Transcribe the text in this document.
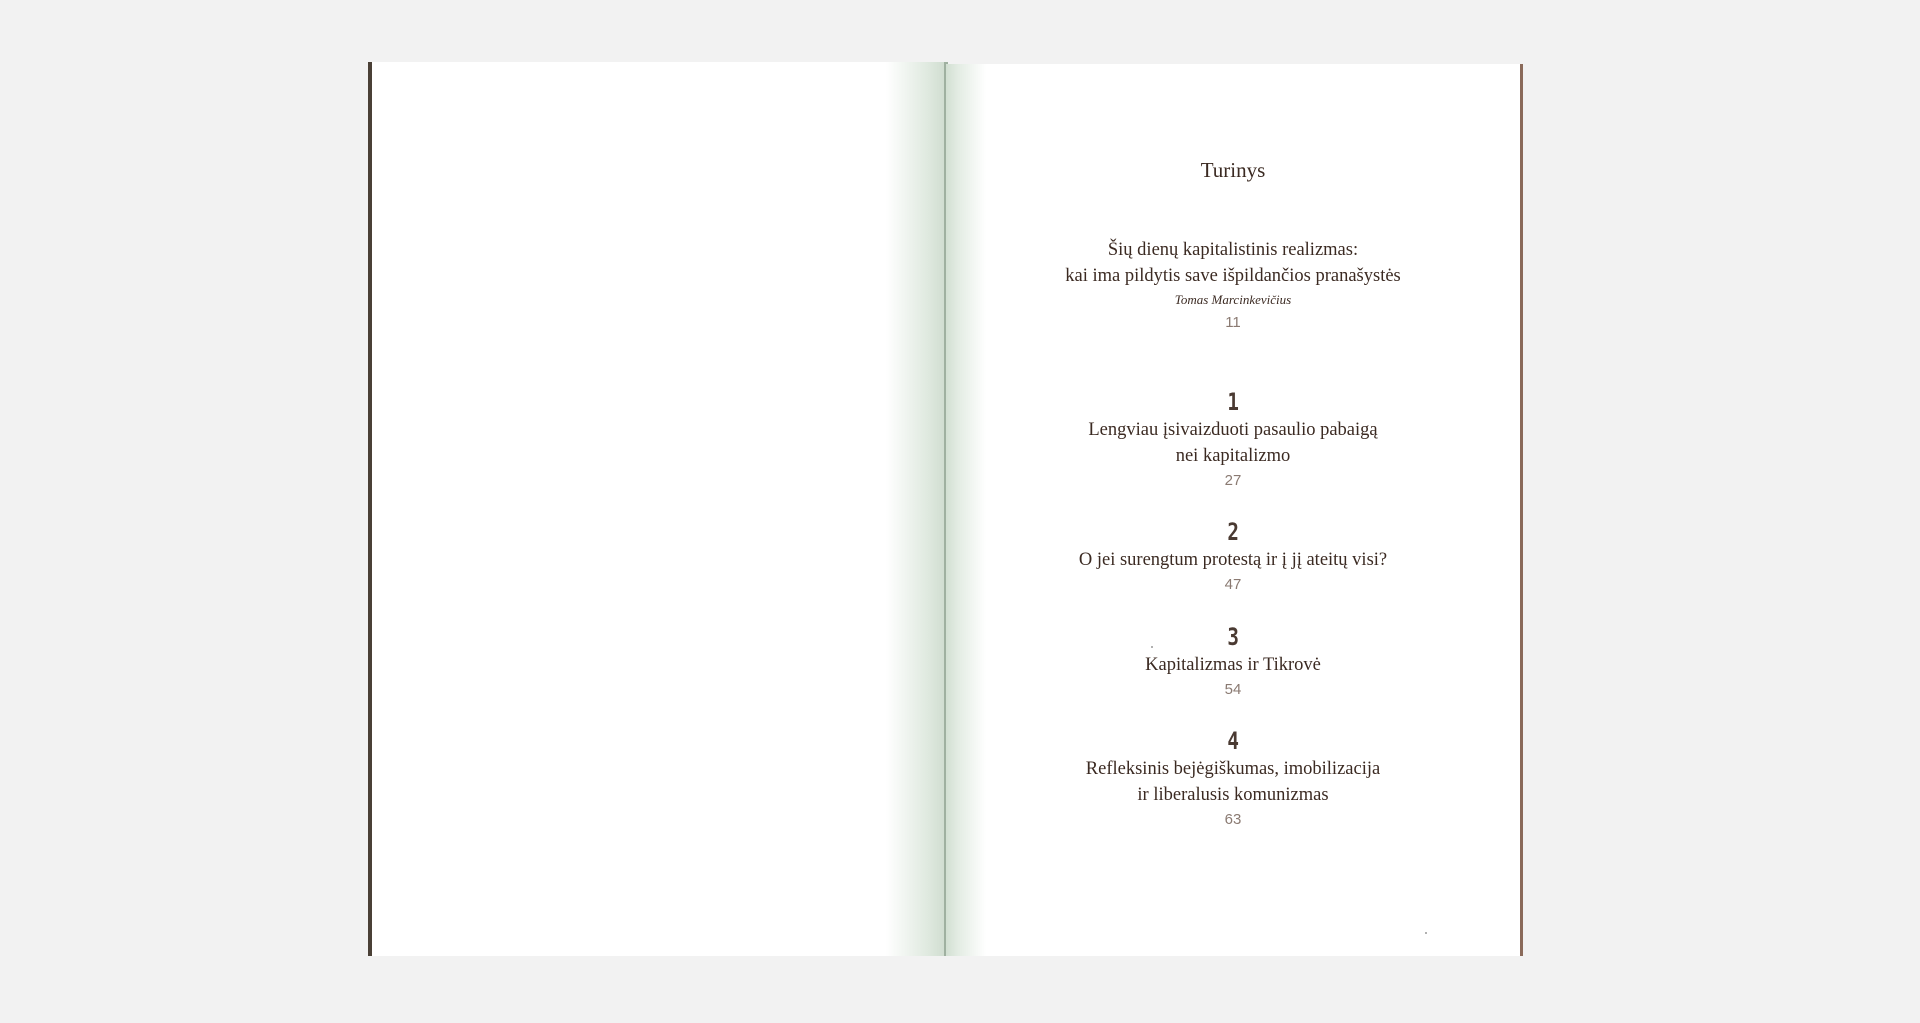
Turinys
Šių dienų kapitalistinis realizmas:
kai ima pildytis save išpildančios pranašystės
Tomas Marcinkevičius
11
1
Lengviau įsivaizduoti pasaulio pabaigą
nei kapitalizmo
27
2
O jei surengtum protestą ir į jį ateitų visi?
47
3
Kapitalizmas ir Tikrovė
54
4
Refleksinis bejėgiškumas, imobilizacija
ir liberalusis komunizmas
63
